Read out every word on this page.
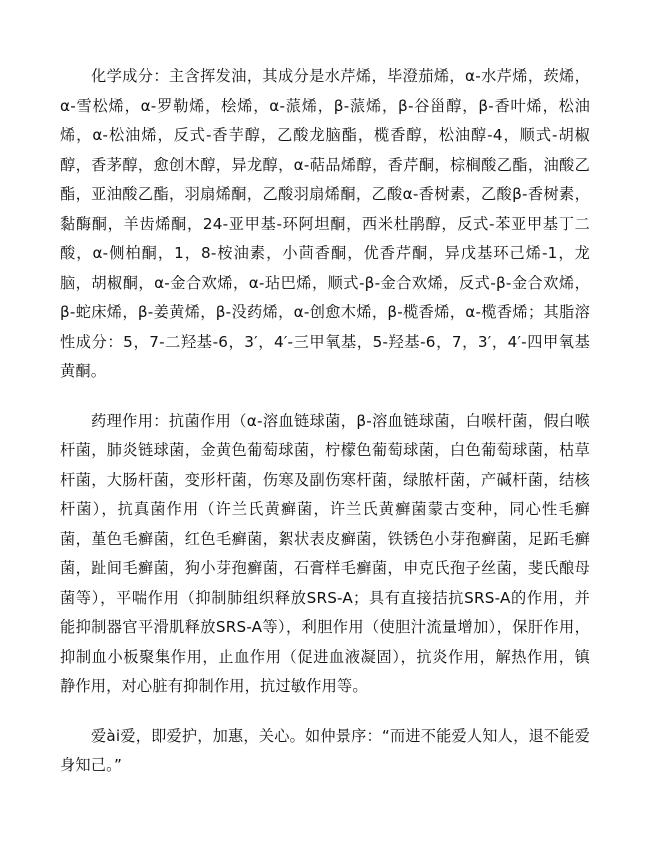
化学成分：主含挥发油，其成分是水芹烯，毕澄茄烯，α-水芹烯，莰烯，α-雪松烯，α-罗勒烯，桧烯，α-蒎烯，β-蒎烯，β-谷甾醇，β-香叶烯，松油烯，α-松油烯，反式-香芋醇，乙酸龙脑酯，榄香醇，松油醇-4，顺式-胡椒醇，香茅醇，愈创木醇，异龙醇，α-萜品烯醇，香芹酮，棕榈酸乙酯，油酸乙酯，亚油酸乙酯，羽扇烯酮，乙酸羽扇烯酮，乙酸α-香树素，乙酸β-香树素，黏酶酮，羊齿烯酮，24-亚甲基-环阿坦酮，西米杜鹃醇，反式-苯亚甲基丁二酸，α-侧柏酮，1，8-桉油素，小茴香酮，优香芹酮，异戊基环己烯-1，龙脑，胡椒酮，α-金合欢烯，α-玷巴烯，顺式-β-金合欢烯，反式-β-金合欢烯，β-蛇床烯，β-姜黄烯，β-没药烯，α-创愈木烯，β-榄香烯，α-榄香烯；其脂溶性成分：5，7-二羟基-6，3′，4′-三甲氧基，5-羟基-6，7，3′，4′-四甲氧基黄酮。

药理作用：抗菌作用（α-溶血链球菌，β-溶血链球菌，白喉杆菌，假白喉杆菌，肺炎链球菌，金黄色葡萄球菌，柠檬色葡萄球菌，白色葡萄球菌，枯草杆菌，大肠杆菌，变形杆菌，伤寒及副伤寒杆菌，绿脓杆菌，产碱杆菌，结核杆菌），抗真菌作用（许兰氏黄癣菌，许兰氏黄癣菌蒙古变种，同心性毛癣菌，堇色毛癣菌，红色毛癣菌，絮状表皮癣菌，铁锈色小芽孢癣菌，足跖毛癣菌，趾间毛癣菌，狗小芽孢癣菌，石膏样毛癣菌，申克氏孢子丝菌，斐氏酿母菌等），平喘作用（抑制肺组织释放SRS-A；具有直接拮抗SRS-A的作用，并能抑制器官平滑肌释放SRS-A等），利胆作用（使胆汁流量增加），保肝作用，抑制血小板聚集作用，止血作用（促进血液凝固），抗炎作用，解热作用，镇静作用，对心脏有抑制作用，抗过敏作用等。

爱ài爱，即爱护，加惠，关心。如仲景序：“而进不能爱人知人，退不能爱身知己。”
